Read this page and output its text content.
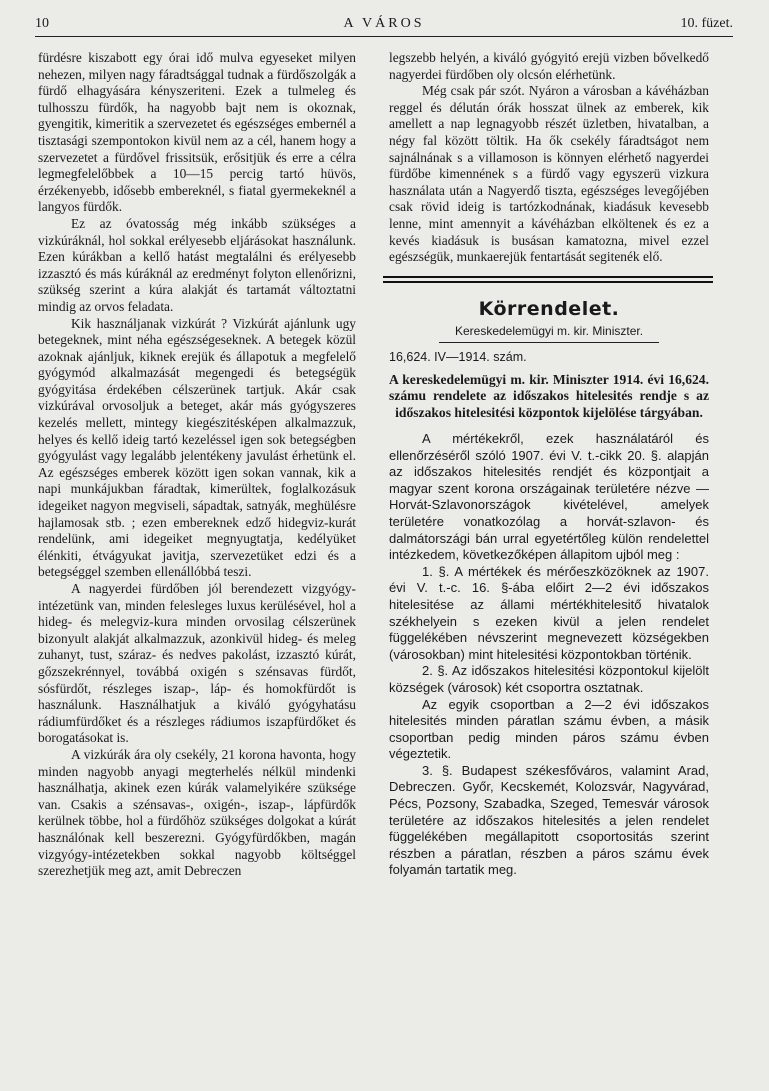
10	A VÁROS	10. füzet.

fürdésre kiszabott egy órai idő mulva egyeseket milyen nehezen, milyen nagy fáradtsággal tudnak a fürdőszolgák a fürdő elhagyására kényszeriteni. Ezek a tulmeleg és tulhosszu fürdők, ha nagyobb bajt nem is okoznak, gyengitik, kimeritik a szervezetet és egészséges embernél a tisztasági szempontokon kivül nem az a cél, hanem hogy a szervezetet a fürdővel frissitsük, erősitjük és erre a célra legmegfelelőbbek a 10—15 percig tartó hüvös, érzékenyebb, idősebb embereknél, s fiatal gyermekeknél a langyos fürdők.

Ez az óvatosság még inkább szükséges a vizkúráknál, hol sokkal erélyesebb eljárásokat használunk. Ezen kúrákban a kellő hatást megtalálni és erélyesebb izzasztó és más kúráknál az eredményt folyton ellenőrizni, szükség szerint a kúra alakját és tartamát változtatni mindig az orvos feladata.

Kik használjanak vizkúrát ? Vizkúrát ajánlunk ugy betegeknek, mint néha egészségeseknek. A betegek közül azoknak ajánljuk, kiknek erejük és állapotuk a megfelelő gyógymód alkalmazását megengedi és betegségük gyógyitása érdekében célszerünek tartjuk. Akár csak vizkúrával orvosoljuk a beteget, akár más gyógyszeres kezelés mellett, mintegy kiegészitésképen alkalmazzuk, helyes és kellő ideig tartó kezeléssel igen sok betegségben gyógyulást vagy legalább jelentékeny javulást érhetünk el. Az egészséges emberek között igen sokan vannak, kik a napi munkájukban fáradtak, kimerültek, foglalkozásuk idegeiket nagyon megviseli, sápadtak, satnyák, meghülésre hajlamosak stb. ; ezen embereknek edző hidegviz-kurát rendelünk, ami idegeiket megnyugtatja, kedélyüket élénkiti, étvágyukat javitja, szervezetüket edzi és a betegséggel szemben ellenállóbbá teszi.

A nagyerdei fürdőben jól berendezett vizgyógy-intézetünk van, minden felesleges luxus kerülésével, hol a hideg- és melegviz-kura minden orvosilag célszerünek bizonyult alakját alkalmazzuk, azonkivül hideg- és meleg zuhanyt, tust, száraz- és nedves pakolást, izzasztó kúrát, gőzszekrénnyel, továbbá oxigén s szénsavas fürdőt, sósfürdőt, részleges iszap-, láp- és homokfürdőt is használunk. Használhatjuk a kiváló gyógyhatásu rádiumfürdőket és a részleges rádiumos iszapfürdőket és borogatásokat is.

A vizkúrák ára oly csekély, 21 korona havonta, hogy minden nagyobb anyagi megterhelés nélkül mindenki használhatja, akinek ezen kúrák valamelyikére szüksége van. Csakis a szénsavas-, oxigén-, iszap-, lápfürdők kerülnek többe, hol a fürdőhöz szükséges dolgokat a kúrát használónak kell beszerezni. Gyógyfürdőkben, magán vizgyógy-intézetekben sokkal nagyobb költséggel szerezhetjük meg azt, amit Debreczen

legszebb helyén, a kiváló gyógyitó erejü vizben bővelkedő nagyerdei fürdőben oly olcsón elérhetünk.

Még csak pár szót. Nyáron a városban a kávéházban reggel és délután órák hosszat ülnek az emberek, kik amellett a nap legnagyobb részét üzletben, hivatalban, a négy fal között töltik. Ha ők csekély fáradtságot nem sajnálnának s a villamoson is könnyen elérhető nagyerdei fürdőbe kimennének s a fürdő vagy egyszerü vizkura használata után a Nagyerdő tiszta, egészséges levegőjében csak rövid ideig is tartózkodnának, kiadásuk kevesebb lenne, mint amennyit a kávéházban elköltenek és ez a kevés kiadásuk is busásan kamatozna, mivel ezzel egészségük, munkaerejük fentartását segitenék elő.

Körrendelet.
Kereskedelemügyi m. kir. Miniszter.
16,624. IV—1914. szám.
A kereskedelemügyi m. kir. Miniszter 1914. évi 16,624. számu rendelete az időszakos hitelesités rendje s az időszakos hitelesitési központok kijelölése tárgyában.

A mértékekről, ezek használatáról és ellenőrzéséről szóló 1907. évi V. t.-cikk 20. §. alapján az időszakos hitelesités rendjét és központjait a magyar szent korona országainak területére nézve — Horvát-Szlavonországok kivételével, amelyek területére vonatkozólag a horvát-szlavon- és dalmátországi bán urral egyetértőleg külön rendelettel intézkedem, következőképen állapitom ujból meg :

1. §. A mértékek és mérőeszközöknek az 1907. évi V. t.-c. 16. §-ába előirt 2—2 évi időszakos hitelesitése az állami mértékhitelesitő hivatalok székhelyein s ezeken kivül a jelen rendelet függelékében névszerint megnevezett községekben (városokban) mint hitelesitési központokban történik.

2. §. Az időszakos hitelesitési központokul kijelölt községek (városok) két csoportra osztatnak.

Az egyik csoportban a 2—2 évi időszakos hitelesités minden páratlan számu évben, a másik csoportban pedig minden páros számu évben végeztetik.

3. §. Budapest székesfőváros, valamint Arad, Debreczen. Győr, Kecskemét, Kolozsvár, Nagyvárad, Pécs, Pozsony, Szabadka, Szeged, Temesvár városok területére az időszakos hitelesités a jelen rendelet függelékében megállapitott csoportositás szerint részben a páratlan, részben a páros számu évek folyamán tartatik meg.
